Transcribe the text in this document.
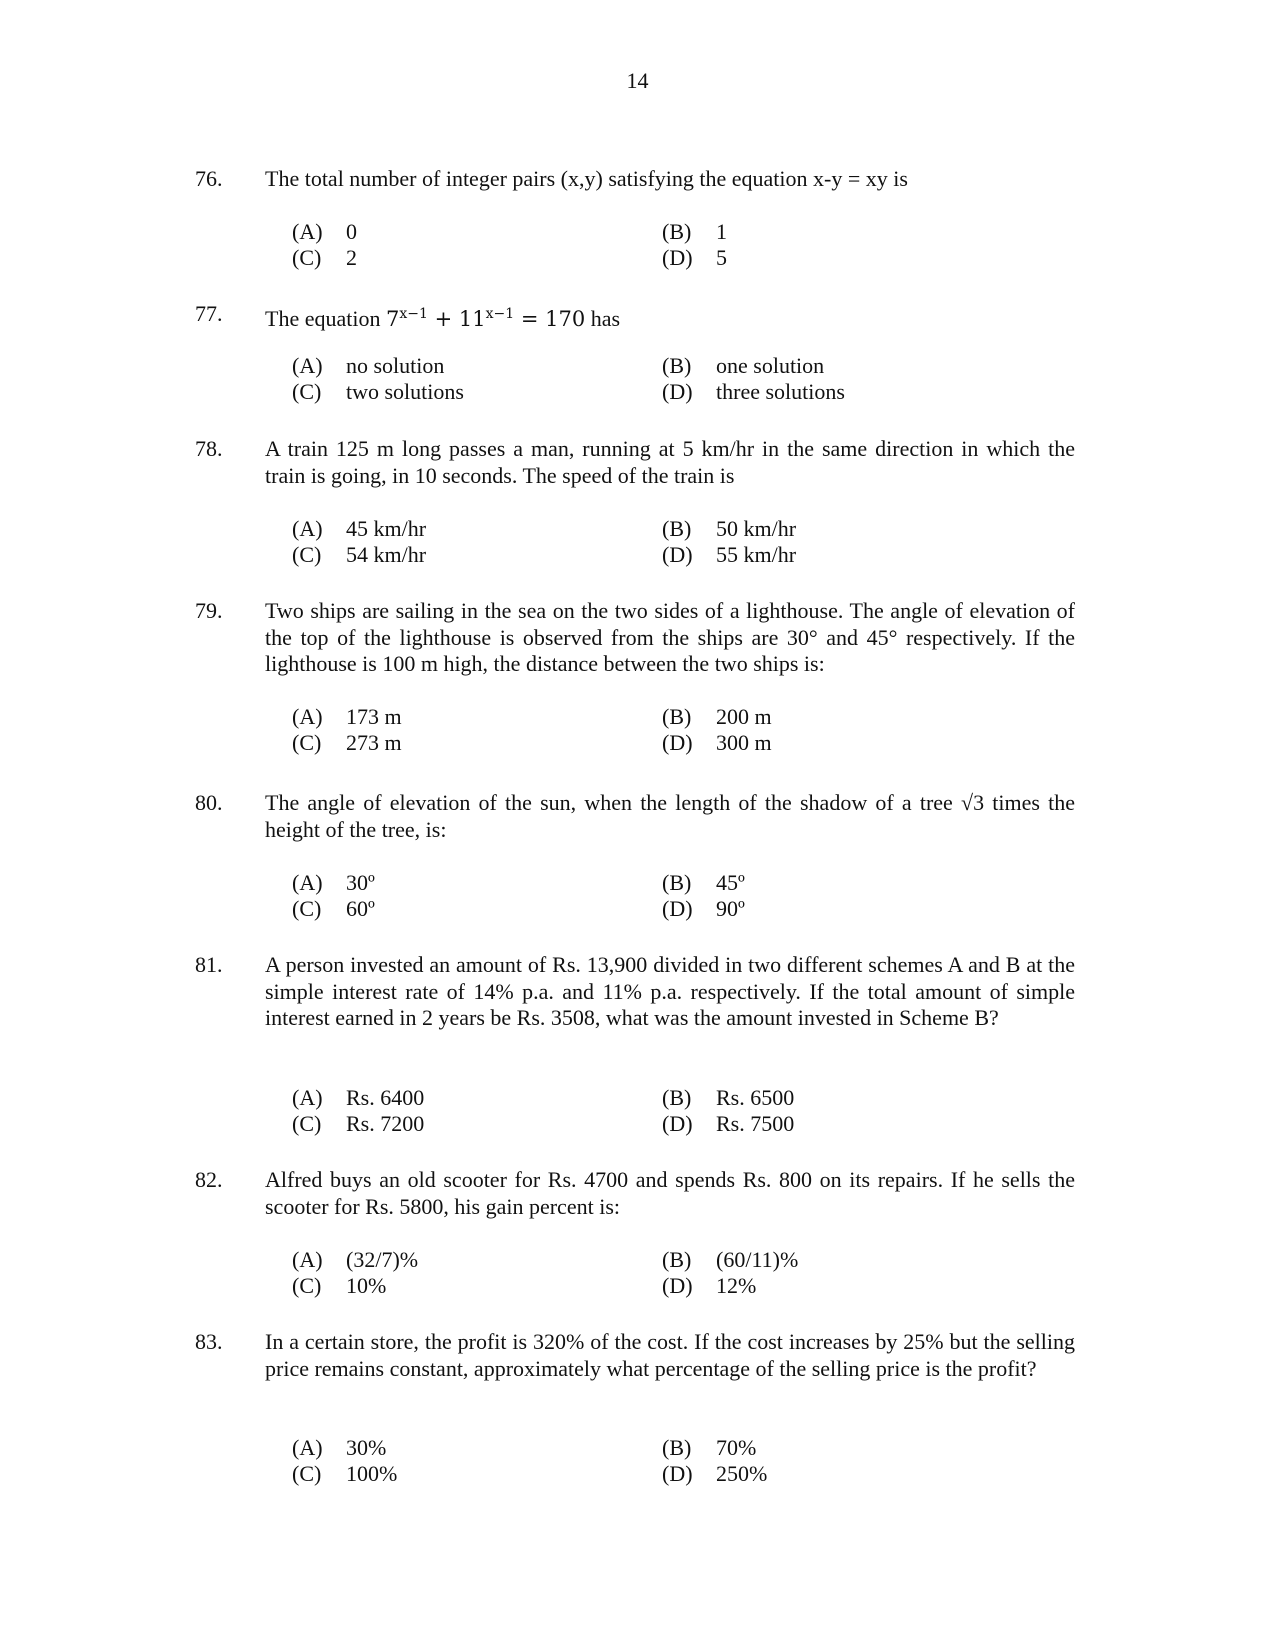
14
76. The total number of integer pairs (x,y) satisfying the equation x-y = xy is
(A) 0	(B) 1
(C) 2	(D) 5
77. The equation $7^{x-1} + 11^{x-1} = 170$ has
(A) no solution	(B) one solution
(C) two solutions	(D) three solutions
78. A train 125 m long passes a man, running at 5 km/hr in the same direction in which the train is going, in 10 seconds. The speed of the train is
(A) 45 km/hr	(B) 50 km/hr
(C) 54 km/hr	(D) 55 km/hr
79. Two ships are sailing in the sea on the two sides of a lighthouse. The angle of elevation of the top of the lighthouse is observed from the ships are 30° and 45° respectively. If the lighthouse is 100 m high, the distance between the two ships is:
(A) 173 m	(B) 200 m
(C) 273 m	(D) 300 m
80. The angle of elevation of the sun, when the length of the shadow of a tree √3 times the height of the tree, is:
(A) 30º	(B) 45º
(C) 60º	(D) 90º
81. A person invested an amount of Rs. 13,900 divided in two different schemes A and B at the simple interest rate of 14% p.a. and 11% p.a. respectively. If the total amount of simple interest earned in 2 years be Rs. 3508, what was the amount invested in Scheme B?
(A) Rs. 6400	(B) Rs. 6500
(C) Rs. 7200	(D) Rs. 7500
82. Alfred buys an old scooter for Rs. 4700 and spends Rs. 800 on its repairs. If he sells the scooter for Rs. 5800, his gain percent is:
(A) (32/7)%	(B) (60/11)%
(C) 10%	(D) 12%
83. In a certain store, the profit is 320% of the cost. If the cost increases by 25% but the selling price remains constant, approximately what percentage of the selling price is the profit?
(A) 30%	(B) 70%
(C) 100%	(D) 250%
